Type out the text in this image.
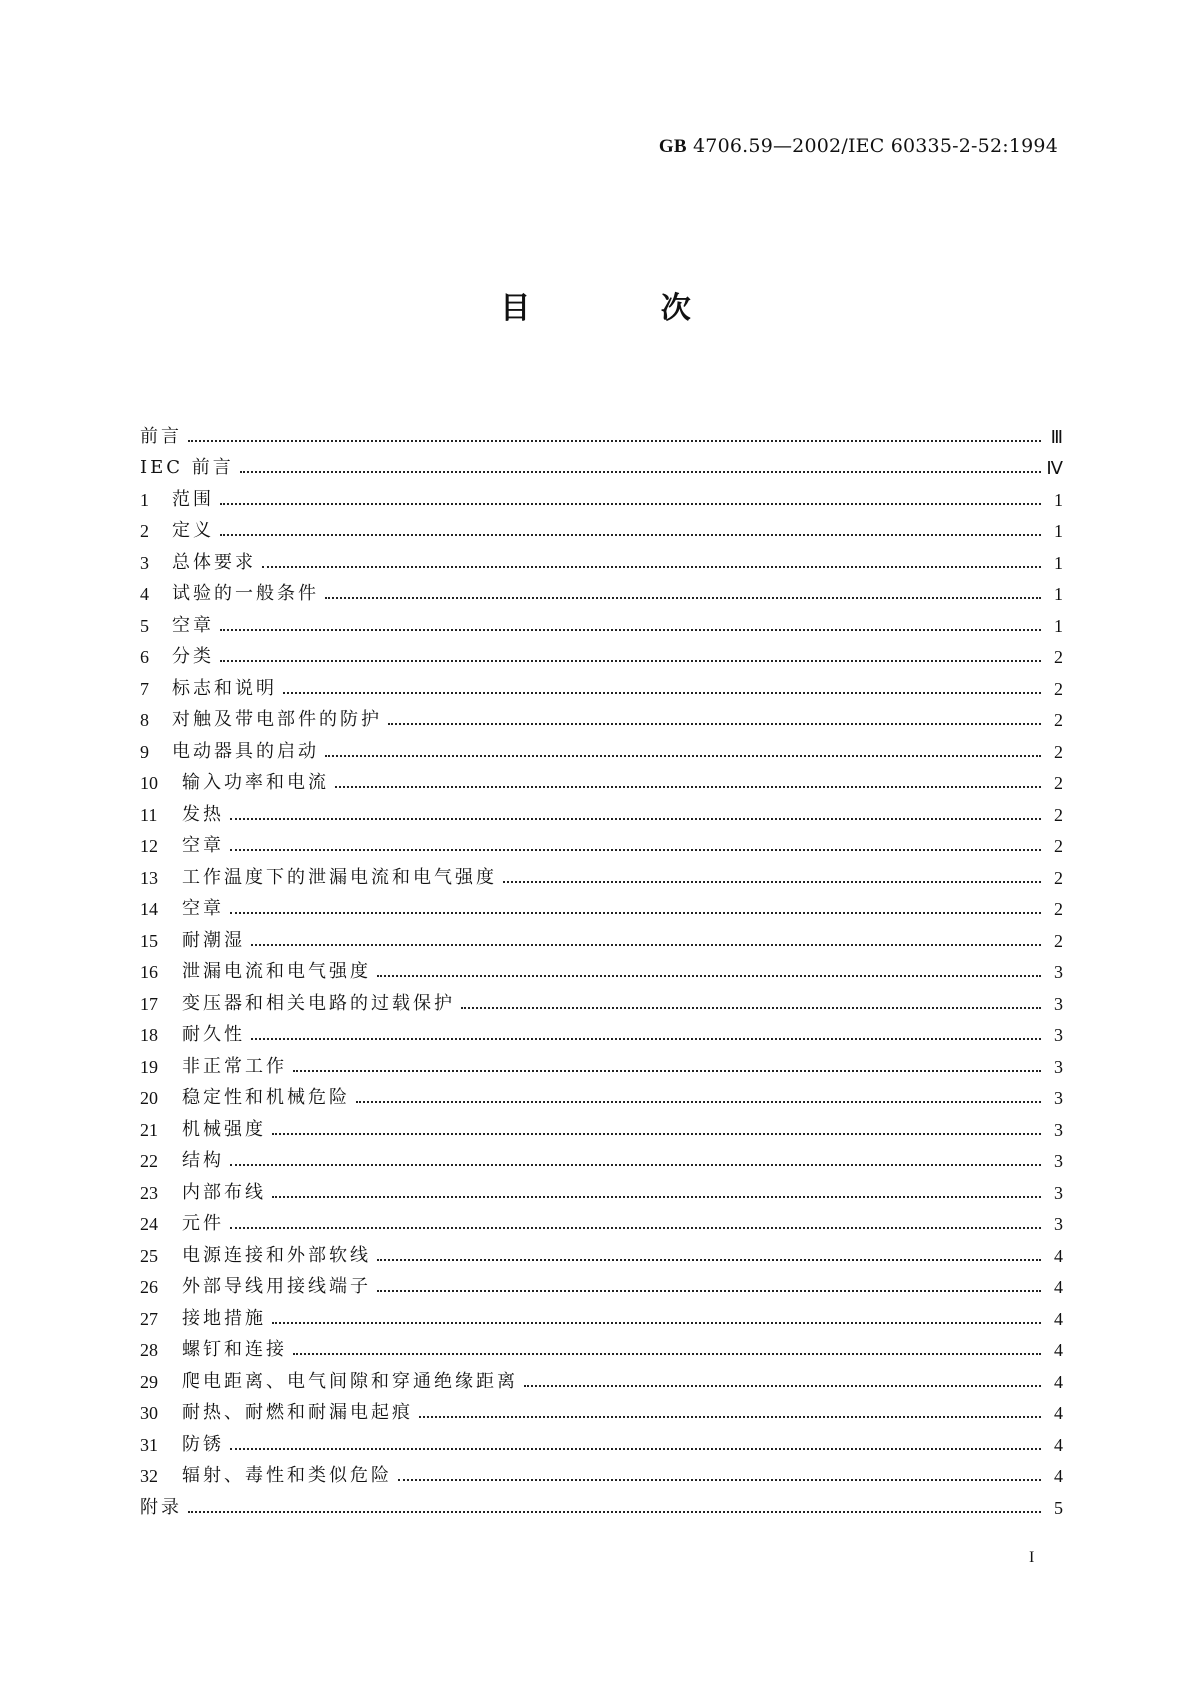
GB 4706.59—2002/IEC 60335-2-52:1994
目 次
前言	Ⅲ
IEC 前言	Ⅳ
1	范围	1
2	定义	1
3	总体要求	1
4	试验的一般条件	1
5	空章	1
6	分类	2
7	标志和说明	2
8	对触及带电部件的防护	2
9	电动器具的启动	2
10	输入功率和电流	2
11	发热	2
12	空章	2
13	工作温度下的泄漏电流和电气强度	2
14	空章	2
15	耐潮湿	2
16	泄漏电流和电气强度	3
17	变压器和相关电路的过载保护	3
18	耐久性	3
19	非正常工作	3
20	稳定性和机械危险	3
21	机械强度	3
22	结构	3
23	内部布线	3
24	元件	3
25	电源连接和外部软线	4
26	外部导线用接线端子	4
27	接地措施	4
28	螺钉和连接	4
29	爬电距离、电气间隙和穿通绝缘距离	4
30	耐热、耐燃和耐漏电起痕	4
31	防锈	4
32	辐射、毒性和类似危险	4
附录	5
I
